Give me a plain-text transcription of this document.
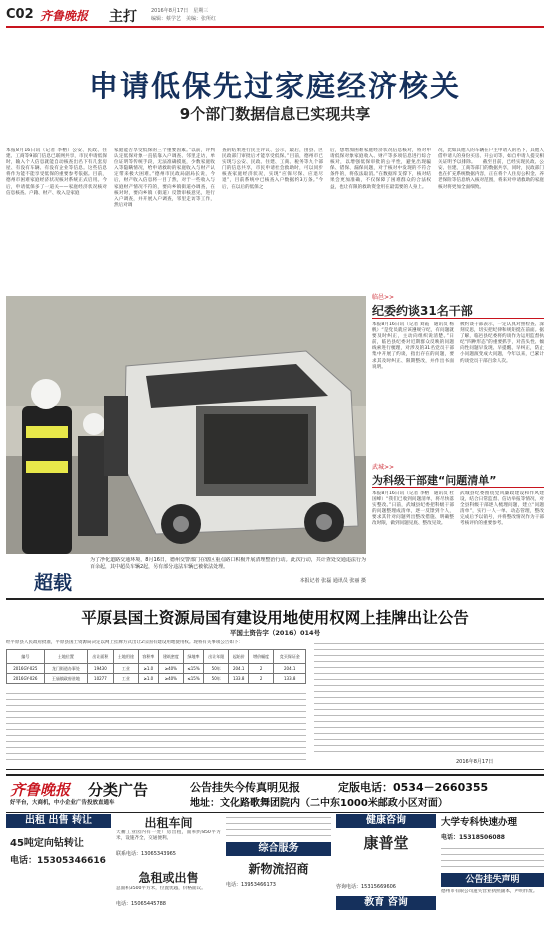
C02 齐鲁晚报 主打	2016年8月17日　星期三
编辑：蔡学艺　美编：张所红
申请低保先过家庭经济核关
9个部门数据信息已实现共享
本报8月16日讯（记者 李榕）公安、民政、住建、工商等9部门信息已联网共享，市民申请低保时，输入个人信息就能自动核查出名下有几套房屋、有没有车辆、有没有企业等信息。这些信息将作为能不能享受低保的重要参考依据。目前，德州市困难家庭经济状况核对系统正式启用。今后，申请低保多了一道关——家庭经济状况核对信息核查。户籍、财产、收入是家庭
家庭能否享受低保的三个重要因素。”以前，评判认定低保对象一直依靠入户调查、邻里走访，单位证明等传统手段，无法准确摸底，少数家庭收入等隐瞒情况，给申请救助的家庭收入与财产认定带来极大困难。”德州市民政局副局长说，今后，财产收入信息将一目了然，对于一些收入与家庭财产情况不符的，要向乡镇街道办调查，在核对时，要向乡镇（街道）反馈审核意见，进行入户调查，并开展入户调查，邻里走访等工作，然后对调
查的结果进行民主评议、公示，最后，由县、区民政部门审批后才能享受低保。”目前，德州市已实现与公安、民政、住建、工商、税务等九个部门的信息共享，市民申请社会救助时，可以同步核查家庭经济状况，实现“应保尽保、应退尽退”，目前系统中已核查入户数据约3万条。”今后，在以后的低保之
后，想增加困难家庭经济状况信息核对，将对申请低保对象家庭收入、财产等多项信息进行综合核对，以增强低保审批的公平性，避免出现骗保、错保、漏保问题，对于核对中发现的不符合条件的，将依法取消。”在数据库支撑下，核对结果会更加准确，不仅保障了困难群众的合法权益，也让有限的救助资金用在最需要的人身上。
况，比如其他人的车辆在户主申请人的名下，其他人借申请人的身份买房、开公司等，如自申请人提交相关证明予以排除。　　截至目前，已经实现民政、公安、住建、工商等部门的数据共享，同时，民政部门也在扩充系统数据内容，正在将个人住房公积金、养老保险等信息纳入核对范围，将来对申请救助的家庭核对将更加全面细致。
超载
为了净化道路交通环境，8月16日，德州交警部门在辖区重点路口积极开展清理整治行动。此次行动，共计查处交通违法行为百余起，其中超员车辆2起，另有部分违法车辆已被依法处理。
本报记者 张磊 通讯员 张丽 摄
临邑>>
纪委约谈31名干部
本报8月16日讯（记者 刘霞　通讯员 杨帆）“是党员就应该遵规守纪，有问题就要及时纠正，主动向组织说清楚。”日前，临邑县纪委对近期群众反映的问题线索进行梳理，对涉及的31名党员干部集中开展了约谈，指出存在的问题，要求其及时纠正、限期整改，并作出书面说明。
被约谈干部表示，一定认真对照检查、深刻反思，切实把纪律和规矩挺在前面。据了解，临邑县纪委将约谈作为运用监督执纪“四种形态”的重要抓手，对苗头性、倾向性问题早发现、早提醒、早纠正，防止小问题演变成大问题，今年以来，已累计约谈党员干部百余人次。
武城>>
为科级干部建“问题清单”
本报8月16日讯（记者 李榕　通讯员 杜国峰）“我们已收到问题清单，将尽快落实整改。”日前，武城县纪委把科级干部的问题整理成清单，逐一反馈到个人，要求其针对问题列出整改措施、明确整改时限，做到问题见底、整改见效。
武城县纪委围绕党风廉政建设和作风建设，结合日常监督、信访举报等情况，对全县科级干部逐人梳理问题，建立“问题清单”，实行一人一单、动态管理，整改完成后予以销号，并将整改情况作为干部考核评价的重要参考。
平原县国土资源局国有建设用地使用权网上挂牌出让公告
平国土资告字（2016）014号
经平原县人民政府批准，平原县国土资源局决定以网上挂牌方式出让2宗国有建设用地使用权。现将有关事项公告如下：
编号	土地位置	出让面积	土地用途	容积率	建筑密度	绿地率	出让年限	起始价	增价幅度	竞买保证金
2016GY-025	龙门街道办事处	19430	工业	≥1.0	≥40%	≤15%	50年	204.1	2	204.1
2016GY-026	王庙镇政府驻地	10277	工业	≥1.0	≥40%	≤15%	50年	133.8	2	133.8
2016年8月17日
齐鲁晚报 分类广告
好平台，大商机，中小企业广告投放直通车
公告挂失今传真明见报	定版电话：0534－2660355
地址：文化路歌舞团院内（二中东1000米邮政小区对面）
出租 出售 转让
45吨定向钻转让
电话：15305346616
出租车间
天衢工业园内有一处厂房出租，面积约850平方米，设施齐全，交通便利。
联系电话：13065343965
急租或出售
总面积3500平方米，位置优越，价格面议。
电话：15065445788
综合服务
新物流招商
电话：13953466173
健康咨询
康普堂
咨询电话：15315669606
教育 咨询
大学专科快速办理
电话：15318506088
公告挂失声明
德州市有限公司遗失营业执照副本，声明作废。
